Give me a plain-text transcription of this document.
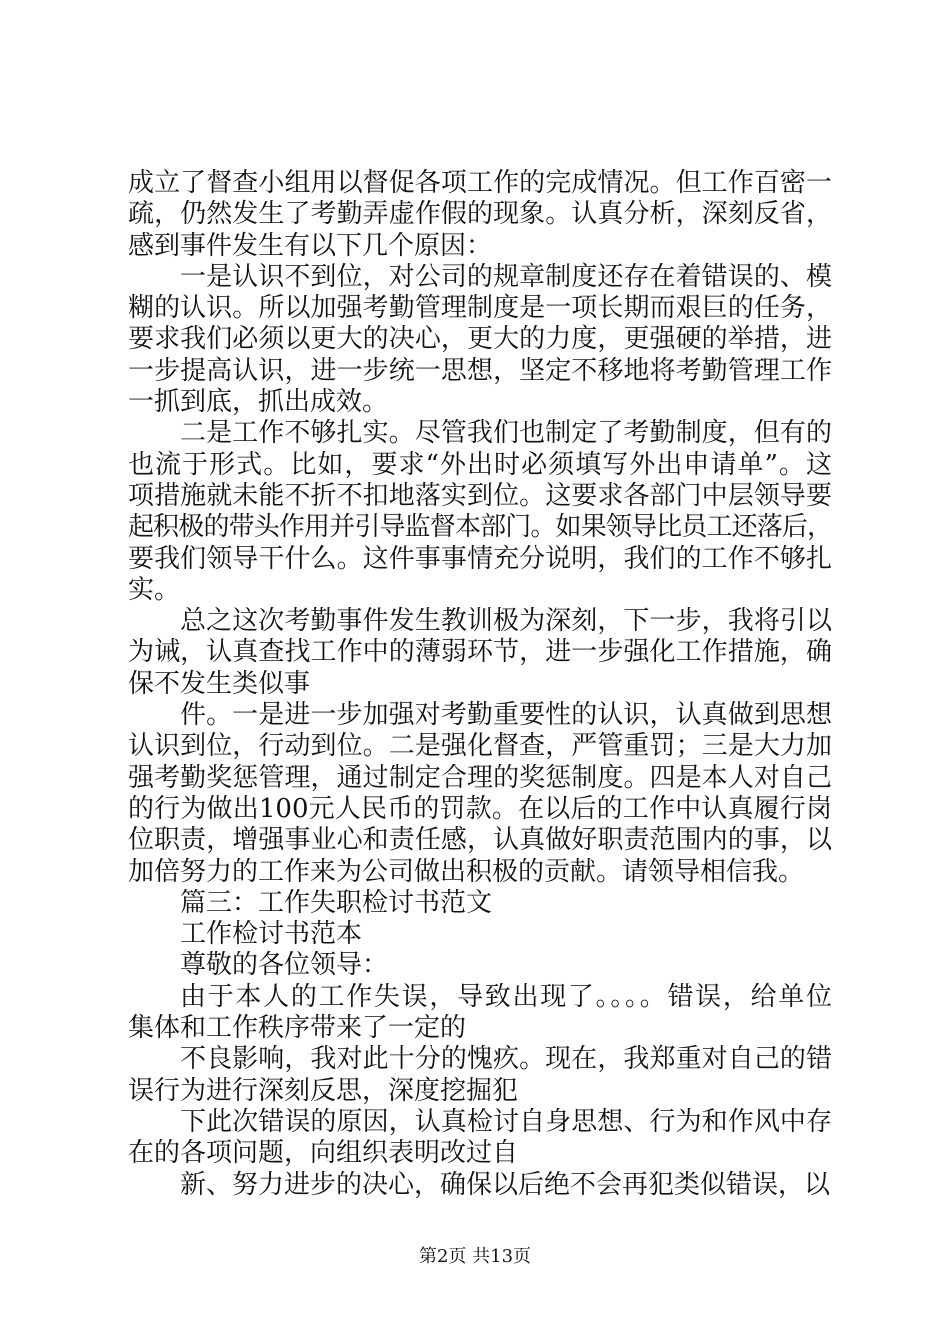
成立了督查小组用以督促各项工作的完成情况。但工作百密一
疏，仍然发生了考勤弄虚作假的现象。认真分析，深刻反省，
感到事件发生有以下几个原因：
一是认识不到位，对公司的规章制度还存在着错误的、模
糊的认识。所以加强考勤管理制度是一项长期而艰巨的任务，
要求我们必须以更大的决心，更大的力度，更强硬的举措，进
一步提高认识，进一步统一思想，坚定不移地将考勤管理工作
一抓到底，抓出成效。
二是工作不够扎实。尽管我们也制定了考勤制度，但有的
也流于形式。比如，要求“外出时必须填写外出申请单”。这
项措施就未能不折不扣地落实到位。这要求各部门中层领导要
起积极的带头作用并引导监督本部门。如果领导比员工还落后，
要我们领导干什么。这件事事情充分说明，我们的工作不够扎
实。
总之这次考勤事件发生教训极为深刻，下一步，我将引以
为诫，认真查找工作中的薄弱环节，进一步强化工作措施，确
保不发生类似事
件。一是进一步加强对考勤重要性的认识，认真做到思想
认识到位，行动到位。二是强化督查，严管重罚；三是大力加
强考勤奖惩管理，通过制定合理的奖惩制度。四是本人对自己
的行为做出100元人民币的罚款。在以后的工作中认真履行岗
位职责，增强事业心和责任感，认真做好职责范围内的事，以
加倍努力的工作来为公司做出积极的贡献。请领导相信我。
篇三：工作失职检讨书范文
工作检讨书范本
尊敬的各位领导：
由于本人的工作失误，导致出现了。。。。错误，给单位
集体和工作秩序带来了一定的
不良影响，我对此十分的愧疚。现在，我郑重对自己的错
误行为进行深刻反思，深度挖掘犯
下此次错误的原因，认真检讨自身思想、行为和作风中存
在的各项问题，向组织表明改过自
新、努力进步的决心，确保以后绝不会再犯类似错误，以
第2页 共13页
